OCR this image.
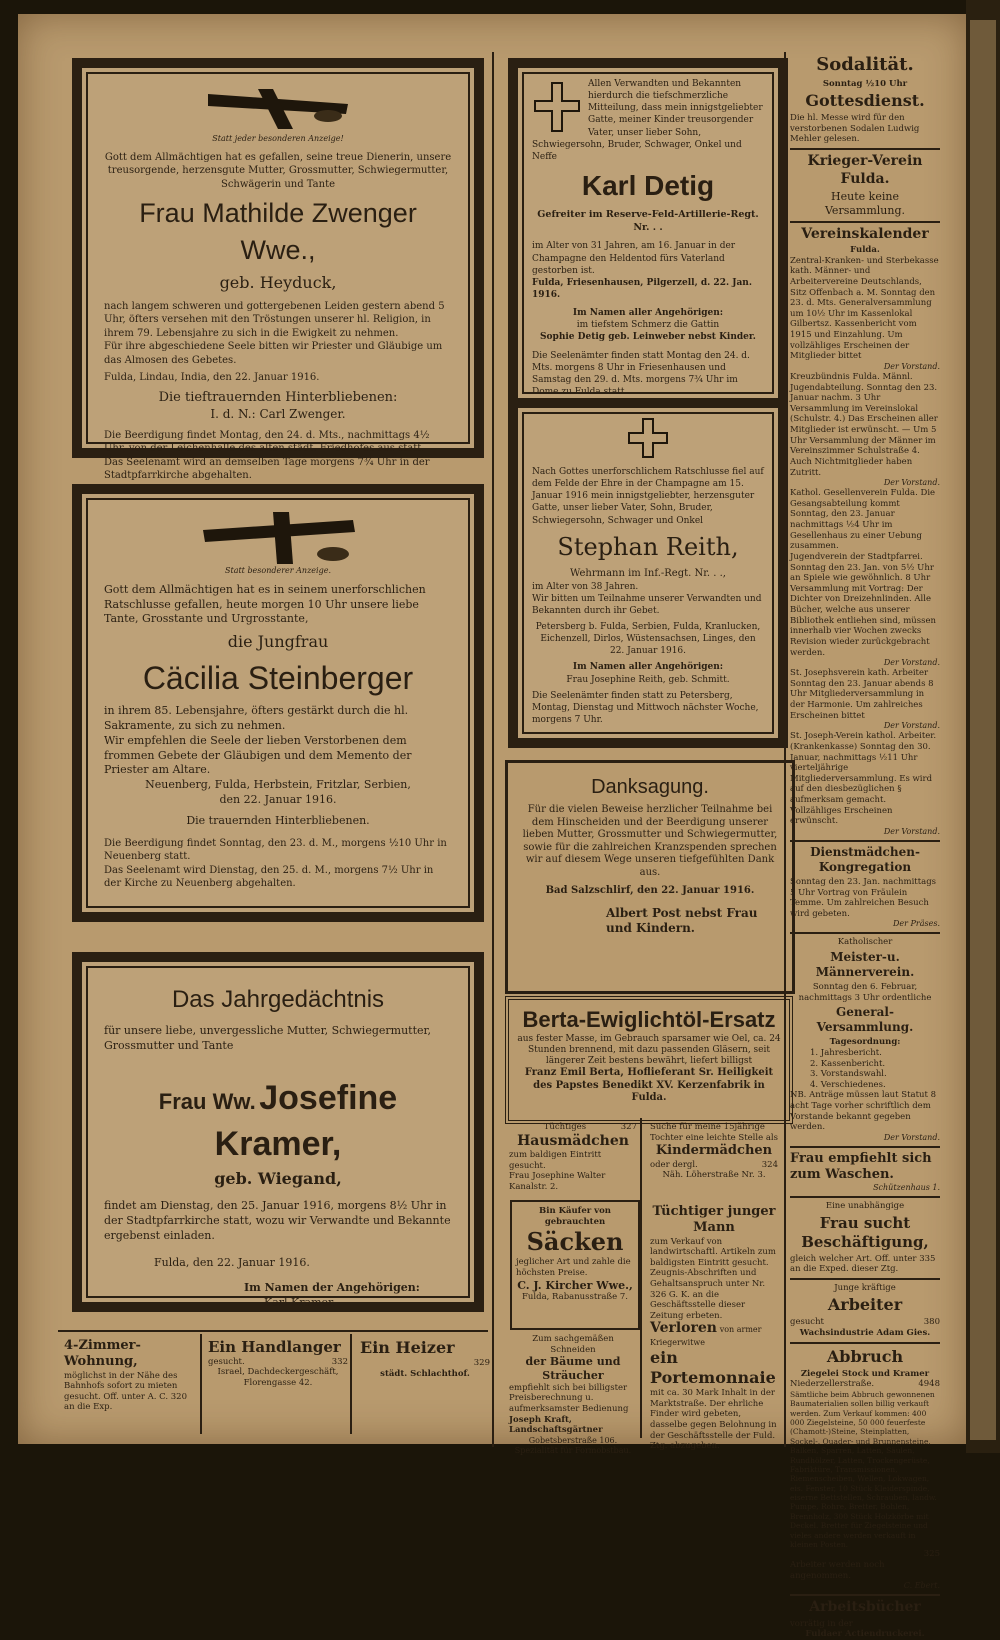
Statt jeder besonderen Anzeige!
Gott dem Allmächtigen hat es gefallen, seine treue Dienerin, unsere treusorgende, herzensgute Mutter, Grossmutter, Schwiegermutter, Schwägerin und Tante
Frau Mathilde Zwenger Wwe.,
geb. Heyduck,
nach langem schweren und gottergebenen Leiden gestern abend 5 Uhr, öfters versehen mit den Tröstungen unserer hl. Religion, in ihrem 79. Lebensjahre zu sich in die Ewigkeit zu nehmen.
Für ihre abgeschiedene Seele bitten wir Priester und Gläubige um das Almosen des Gebetes.
Fulda, Lindau, India, den 22. Januar 1916.
Die tieftrauernden Hinterbliebenen:
I. d. N.: Carl Zwenger.
Die Beerdigung findet Montag, den 24. d. Mts., nachmittags 4½ Uhr, von der Leichenhalle des alten städt. Friedhofes aus statt.
Das Seelenamt wird an demselben Tage morgens 7¾ Uhr in der Stadtpfarrkirche abgehalten.
Statt besonderer Anzeige.
Gott dem Allmächtigen hat es in seinem unerforschlichen Ratschlusse gefallen, heute morgen 10 Uhr unsere liebe Tante, Grosstante und Urgrosstante,
die Jungfrau
Cäcilia Steinberger
in ihrem 85. Lebensjahre, öfters gestärkt durch die hl. Sakramente, zu sich zu nehmen.
Wir empfehlen die Seele der lieben Verstorbenen dem frommen Gebete der Gläubigen und dem Memento der Priester am Altare.
Neuenberg, Fulda, Herbstein, Fritzlar, Serbien,
den 22. Januar 1916.
Die trauernden Hinterbliebenen.
Die Beerdigung findet Sonntag, den 23. d. M., morgens ½10 Uhr in Neuenberg statt.
Das Seelenamt wird Dienstag, den 25. d. M., morgens 7½ Uhr in der Kirche zu Neuenberg abgehalten.
Das Jahrgedächtnis
für unsere liebe, unvergessliche Mutter, Schwiegermutter, Grossmutter und Tante
Frau Ww. Josefine Kramer,
geb. Wiegand,
findet am Dienstag, den 25. Januar 1916, morgens 8½ Uhr in der Stadtpfarrkirche statt, wozu wir Verwandte und Bekannte ergebenst einladen.
Fulda, den 22. Januar 1916.
Im Namen der Angehörigen:
Karl Kramer.
Allen Verwandten und Bekannten hierdurch die tiefschmerzliche Mitteilung, dass mein innigstgeliebter Gatte, meiner Kinder treusorgender Vater, unser lieber Sohn, Schwiegersohn, Bruder, Schwager, Onkel und Neffe
Karl Detig
Gefreiter im Reserve-Feld-Artillerie-Regt. Nr. . .
im Alter von 31 Jahren, am 16. Januar in der Champagne den Heldentod fürs Vaterland gestorben ist.
Fulda, Friesenhausen, Pilgerzell, d. 22. Jan. 1916.
Im Namen aller Angehörigen:
im tiefstem Schmerz die Gattin
Sophie Detig geb. Leinweber nebst Kinder.
Die Seelenämter finden statt Montag den 24. d. Mts. morgens 8 Uhr in Friesenhausen und Samstag den 29. d. Mts. morgens 7¾ Uhr im Dome zu Fulda statt.
Nach Gottes unerforschlichem Ratschlusse fiel auf dem Felde der Ehre in der Champagne am 15. Januar 1916 mein innigstgeliebter, herzensguter Gatte, unser lieber Vater, Sohn, Bruder, Schwiegersohn, Schwager und Onkel
Stephan Reith,
Wehrmann im Inf.-Regt. Nr. . .,
im Alter von 38 Jahren.
Wir bitten um Teilnahme unserer Verwandten und Bekannten durch ihr Gebet.
Petersberg b. Fulda, Serbien, Fulda, Kranlucken, Eichenzell, Dirlos, Wüstensachsen, Linges, den 22. Januar 1916.
Im Namen aller Angehörigen:
Frau Josephine Reith, geb. Schmitt.
Die Seelenämter finden statt zu Petersberg, Montag, Dienstag und Mittwoch nächster Woche, morgens 7 Uhr.
Danksagung.
Für die vielen Beweise herzlicher Teilnahme bei dem Hinscheiden und der Beerdigung unserer lieben Mutter, Grossmutter und Schwiegermutter, sowie für die zahlreichen Kranzspenden sprechen wir auf diesem Wege unseren tiefgefühlten Dank aus.
Bad Salzschlirf, den 22. Januar 1916.
Albert Post nebst Frau und Kindern.
Berta-Ewiglichtöl-Ersatz
aus fester Masse, im Gebrauch sparsamer wie Oel, ca. 24 Stunden brennend, mit dazu passenden Gläsern, seit längerer Zeit bestens bewährt, liefert billigst
Franz Emil Berta, Hoflieferant Sr. Heiligkeit des Papstes Benedikt XV. Kerzenfabrik in Fulda.
Tüchtiges	327
Hausmädchen
zum baldigen Eintritt gesucht.
Frau Josephine Walter Kanalstr. 2.
Suche für meine 15jährige Tochter eine leichte Stelle als
Kindermädchen
oder dergl.	324
Näh. Löherstraße Nr. 3.
Bin Käufer von gebrauchten
Säcken
jeglicher Art und zahle die höchsten Preise.
C. J. Kircher Wwe.,
Fulda, Rabanusstraße 7.
Tüchtiger junger Mann
zum Verkauf von landwirtschaftl. Artikeln zum baldigsten Eintritt gesucht. Zeugnis-Abschriften und Gehaltsanspruch unter Nr. 326 G. K. an die Geschäftsstelle dieser Zeitung erbeten.
Zum sachgemäßen Schneiden
der Bäume und Sträucher
empfiehlt sich bei billigster Preisberechnung u. aufmerksamster Bedienung
Joseph Kraft, Landschaftsgärtner
Gobetsberstraße 106. Spezialität für Formobstbau.
Verloren von armer Kriegerwitwe
ein Portemonnaie
mit ca. 30 Mark Inhalt in der Marktstraße. Der ehrliche Finder wird gebeten, dasselbe gegen Belohnung in der Geschäftsstelle der Fuld. Ztg. abzugeben.
4-Zimmer-Wohnung,
möglichst in der Nähe des Bahnhofs sofort zu mieten gesucht. Off. unter A. C. 320 an die Exp.
Ein Handlanger
gesucht.	332
Israel, Dachdeckergeschäft, Florengasse 42.
Ein Heizer
329
städt. Schlachthof.
Sodalität.
Sonntag ½10 Uhr
Gottesdienst.
Die hl. Messe wird für den verstorbenen Sodalen Ludwig Mehler gelesen.
Krieger-Verein Fulda.
Heute keine Versammlung.
Vereinskalender
Fulda.
Zentral-Kranken- und Sterbekasse kath. Männer- und Arbeitervereine Deutschlands, Sitz Offenbach a. M. Sonntag den 23. d. Mts. Generalversammlung um 10½ Uhr im Kassenlokal Gilbertsz. Kassenbericht vom 1915 und Einzahlung. Um vollzähliges Erscheinen der Mitglieder bittet
Der Vorstand.
Kreuzbündnis Fulda. Männl. Jugendabteilung. Sonntag den 23. Januar nachm. 3 Uhr Versammlung im Vereinslokal (Schulstr. 4.) Das Erscheinen aller Mitglieder ist erwünscht. — Um 5 Uhr Versammlung der Männer im Vereinszimmer Schulstraße 4. Auch Nichtmitglieder haben Zutritt.
Der Vorstand.
Kathol. Gesellenverein Fulda. Die Gesangsabteilung kommt Sonntag, den 23. Januar nachmittags ½4 Uhr im Gesellenhaus zu einer Uebung zusammen.
Jugendverein der Stadtpfarrei. Sonntag den 23. Jan. von 5½ Uhr an Spiele wie gewöhnlich. 8 Uhr Versammlung mit Vortrag: Der Dichter von Dreizehnlinden. Alle Bücher, welche aus unserer Bibliothek entliehen sind, müssen innerhalb vier Wochen zwecks Revision wieder zurückgebracht werden.
Der Vorstand.
St. Josephsverein kath. Arbeiter Sonntag den 23. Januar abends 8 Uhr Mitgliederversammlung in der Harmonie. Um zahlreiches Erscheinen bittet
Der Vorstand.
St. Joseph-Verein kathol. Arbeiter. (Krankenkasse) Sonntag den 30. Januar, nachmittags ½11 Uhr vierteljährige Mitgliederversammlung. Es wird auf den diesbezüglichen § aufmerksam gemacht. Vollzähliges Erscheinen erwünscht.
Der Vorstand.
Dienstmädchen-Kongregation
Sonntag den 23. Jan. nachmittags 5 Uhr Vortrag von Fräulein Temme. Um zahlreichen Besuch wird gebeten.
Der Präses.
Katholischer
Meister-u. Männerverein.
Sonntag den 6. Februar, nachmittags 3 Uhr ordentliche
General-Versammlung.
Tagesordnung:
1. Jahresbericht.
2. Kassenbericht.
3. Vorstandswahl.
4. Verschiedenes.
NB. Anträge müssen laut Statut 8 acht Tage vorher schriftlich dem Vorstande bekannt gegeben werden.
Der Vorstand.
Frau empfiehlt sich zum Waschen.
Schützenhaus 1.
Eine unabhängige
Frau sucht Beschäftigung,
gleich welcher Art. Off. unter 335 an die Exped. dieser Ztg.
Junge kräftige
Arbeiter
gesucht	380
Wachsindustrie Adam Gies.
Abbruch
Ziegelei Stock und Kramer
Niederzellerstraße.	4948
Sämtliche beim Abbruch gewonnenen Baumaterialien sollen billig verkauft werden. Zum Verkauf kommen: 400 000 Ziegelsteine, 50 000 feuerfeste (Chamott-)Steine, Steinplatten, Sockel-, Quader- und Brunnensteine, Balken, Sparren, Latten, Säulen, Rundhölzer, Latten, Trockengerüste, Fabriktüre, Transmissionen, Riemenscheiben, Wellen, Lokwagen, eis. Fenster, 10 Stück Kleiderspinde, eiserne Bettstellen, Schrauben, landw. Pumpe, Rohre, Bretter, Bohlen, Brennholz, 300 Stück Holzkörbe mit Deckel. Bretter für Ziegelsteine und vieles andere werden verkauft in kleinen Posten.
325
Arbeiter werden noch angenommen.
C. Ebert.
Arbeitsbücher
vorrätig in der
Fuldaer Actiendruckerei.
